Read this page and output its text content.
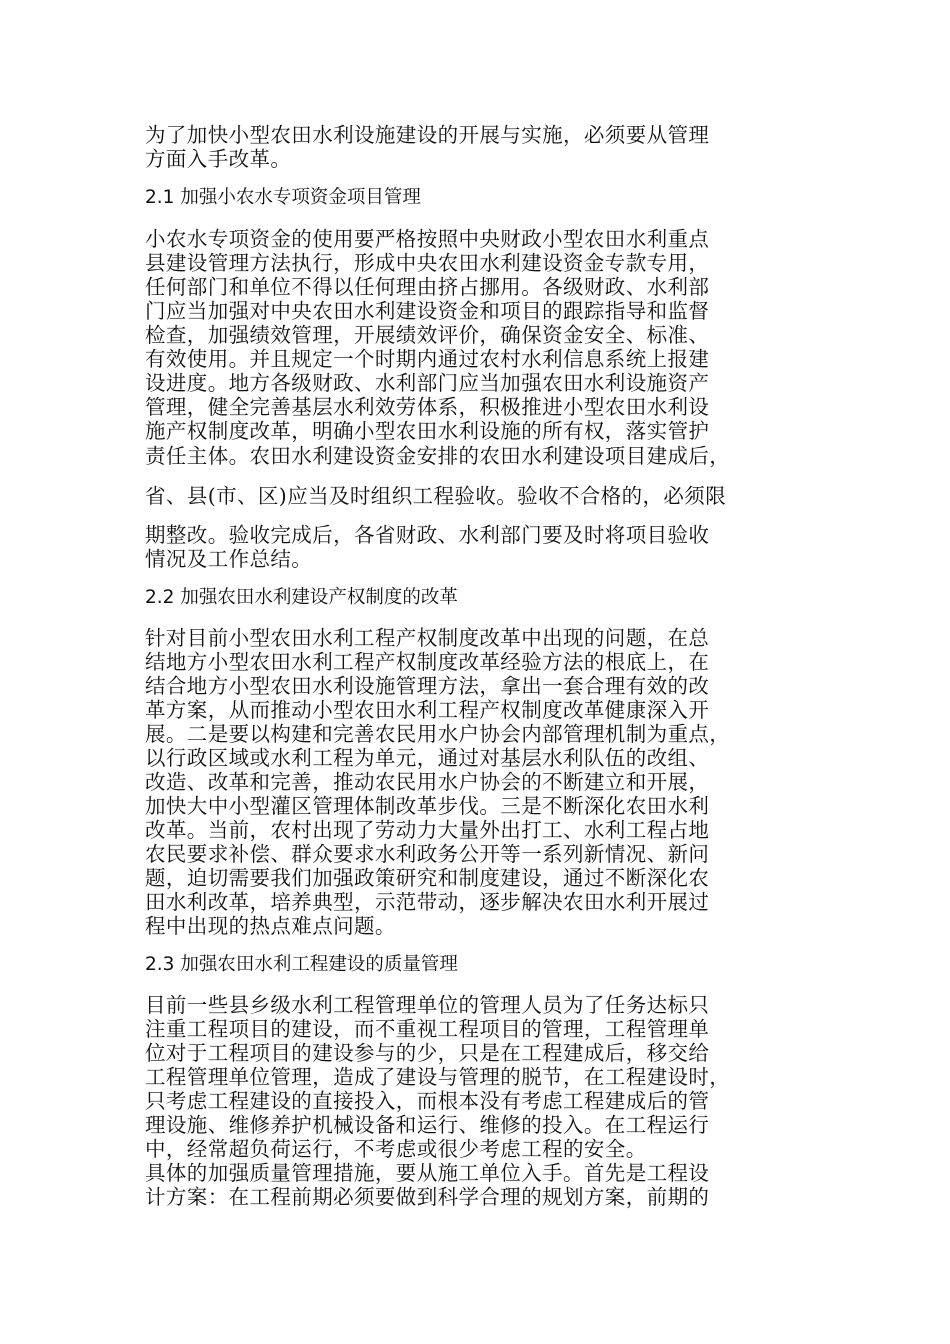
为了加快小型农田水利设施建设的开展与实施，必须要从管理
方面入手改革。
2.1 加强小农水专项资金项目管理
小农水专项资金的使用要严格按照中央财政小型农田水利重点
县建设管理方法执行，形成中央农田水利建设资金专款专用，
任何部门和单位不得以任何理由挤占挪用。各级财政、水利部
门应当加强对中央农田水利建设资金和项目的跟踪指导和监督
检查，加强绩效管理，开展绩效评价，确保资金安全、标准、
有效使用。并且规定一个时期内通过农村水利信息系统上报建
设进度。地方各级财政、水利部门应当加强农田水利设施资产
管理，健全完善基层水利效劳体系，积极推进小型农田水利设
施产权制度改革，明确小型农田水利设施的所有权，落实管护
责任主体。农田水利建设资金安排的农田水利建设项目建成后，
省、县(市、区)应当及时组织工程验收。验收不合格的，必须限
期整改。验收完成后，各省财政、水利部门要及时将项目验收
情况及工作总结。
2.2 加强农田水利建设产权制度的改革
针对目前小型农田水利工程产权制度改革中出现的问题，在总
结地方小型农田水利工程产权制度改革经验方法的根底上，在
结合地方小型农田水利设施管理方法，拿出一套合理有效的改
革方案，从而推动小型农田水利工程产权制度改革健康深入开
展。二是要以构建和完善农民用水户协会内部管理机制为重点，
以行政区域或水利工程为单元，通过对基层水利队伍的改组、
改造、改革和完善，推动农民用水户协会的不断建立和开展，
加快大中小型灌区管理体制改革步伐。三是不断深化农田水利
改革。当前，农村出现了劳动力大量外出打工、水利工程占地
农民要求补偿、群众要求水利政务公开等一系列新情况、新问
题，迫切需要我们加强政策研究和制度建设，通过不断深化农
田水利改革，培养典型，示范带动，逐步解决农田水利开展过
程中出现的热点难点问题。
2.3 加强农田水利工程建设的质量管理
目前一些县乡级水利工程管理单位的管理人员为了任务达标只
注重工程项目的建设，而不重视工程项目的管理，工程管理单
位对于工程项目的建设参与的少，只是在工程建成后，移交给
工程管理单位管理，造成了建设与管理的脱节，在工程建设时，
只考虑工程建设的直接投入，而根本没有考虑工程建成后的管
理设施、维修养护机械设备和运行、维修的投入。在工程运行
中，经常超负荷运行，不考虑或很少考虑工程的安全。
具体的加强质量管理措施，要从施工单位入手。首先是工程设
计方案：在工程前期必须要做到科学合理的规划方案，前期的
